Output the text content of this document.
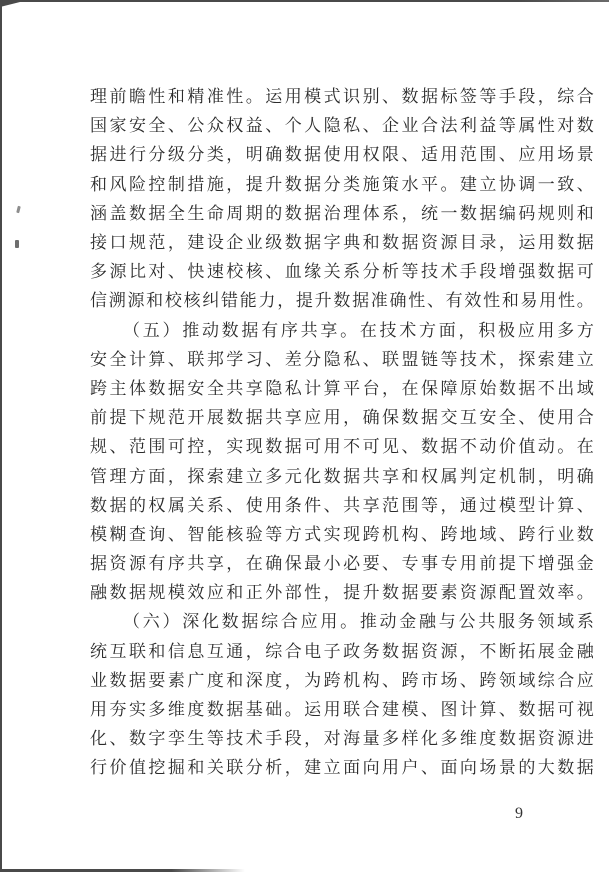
理 前 瞻 性 和 精 准 性 。 运 用 模 式 识 别 、 数 据 标 签 等 手 段 ， 综 合
国 家 安 全 、 公 众 权 益 、 个 人 隐 私 、 企 业 合 法 利 益 等 属 性 对 数
据 进 行 分 级 分 类 ， 明 确 数 据 使 用 权 限 、 适 用 范 围 、 应 用 场 景
和 风 险 控 制 措 施 ， 提 升 数 据 分 类 施 策 水 平 。 建 立 协 调 一 致 、
涵 盖 数 据 全 生 命 周 期 的 数 据 治 理 体 系 ， 统 一 数 据 编 码 规 则 和
接 口 规 范 ， 建 设 企 业 级 数 据 字 典 和 数 据 资 源 目 录 ， 运 用 数 据
多 源 比 对 、 快 速 校 核 、 血 缘 关 系 分 析 等 技 术 手 段 增 强 数 据 可
信 溯 源 和 校 核 纠 错 能 力 ， 提 升 数 据 准 确 性 、 有 效 性 和 易 用 性 。
（ 五 ） 推 动 数 据 有 序 共 享 。 在 技 术 方 面 ， 积 极 应 用 多 方
安 全 计 算 、 联 邦 学 习 、 差 分 隐 私 、 联 盟 链 等 技 术 ， 探 索 建 立
跨 主 体 数 据 安 全 共 享 隐 私 计 算 平 台 ， 在 保 障 原 始 数 据 不 出 域
前 提 下 规 范 开 展 数 据 共 享 应 用 ， 确 保 数 据 交 互 安 全 、 使 用 合
规 、 范 围 可 控 ， 实 现 数 据 可 用 不 可 见 、 数 据 不 动 价 值 动 。 在
管 理 方 面 ， 探 索 建 立 多 元 化 数 据 共 享 和 权 属 判 定 机 制 ， 明 确
数 据 的 权 属 关 系 、 使 用 条 件 、 共 享 范 围 等 ， 通 过 模 型 计 算 、
模 糊 查 询 、 智 能 核 验 等 方 式 实 现 跨 机 构 、 跨 地 域 、 跨 行 业 数
据 资 源 有 序 共 享 ， 在 确 保 最 小 必 要 、 专 事 专 用 前 提 下 增 强 金
融 数 据 规 模 效 应 和 正 外 部 性 ， 提 升 数 据 要 素 资 源 配 置 效 率 。
（ 六 ） 深 化 数 据 综 合 应 用 。 推 动 金 融 与 公 共 服 务 领 域 系
统 互 联 和 信 息 互 通 ， 综 合 电 子 政 务 数 据 资 源 ， 不 断 拓 展 金 融
业 数 据 要 素 广 度 和 深 度 ， 为 跨 机 构 、 跨 市 场 、 跨 领 域 综 合 应
用 夯 实 多 维 度 数 据 基 础 。 运 用 联 合 建 模 、 图 计 算 、 数 据 可 视
化 、 数 字 孪 生 等 技 术 手 段 ， 对 海 量 多 样 化 多 维 度 数 据 资 源 进
行 价 值 挖 掘 和 关 联 分 析 ， 建 立 面 向 用 户 、 面 向 场 景 的 大 数 据
9
